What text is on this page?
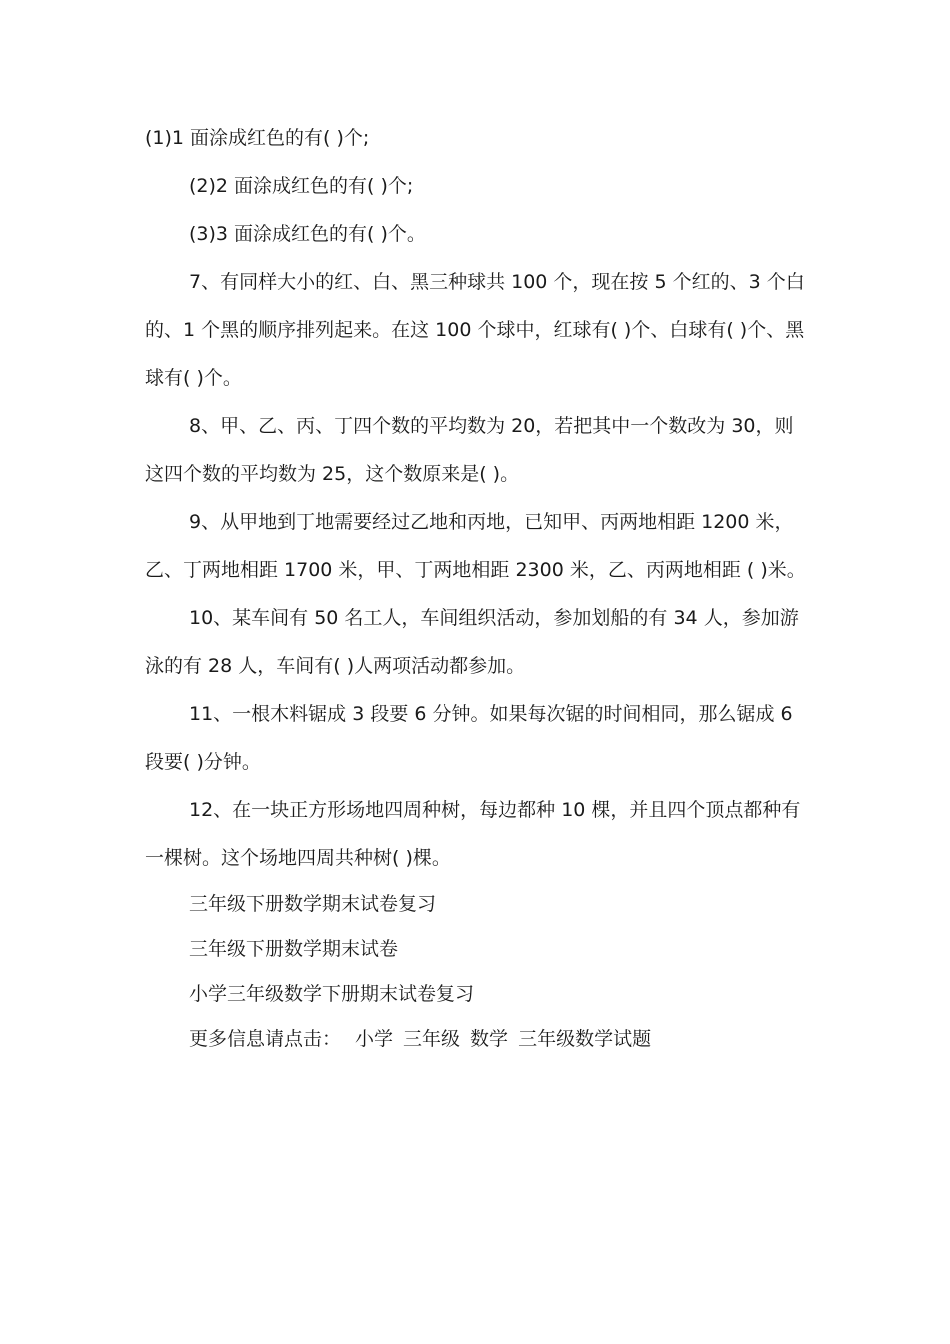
(1)1 面涂成红色的有( )个;

(2)2 面涂成红色的有( )个;

(3)3 面涂成红色的有( )个。

7、有同样大小的红、白、黑三种球共 100 个，现在按 5 个红的、3 个白的、1 个黑的顺序排列起来。在这 100 个球中，红球有( )个、白球有( )个、黑球有( )个。

8、甲、乙、丙、丁四个数的平均数为 20，若把其中一个数改为 30，则这四个数的平均数为 25，这个数原来是( )。

9、从甲地到丁地需要经过乙地和丙地，已知甲、丙两地相距 1200 米，乙、丁两地相距 1700 米，甲、丁两地相距 2300 米，乙、丙两地相距 ( )米。

10、某车间有 50 名工人，车间组织活动，参加划船的有 34 人，参加游泳的有 28 人，车间有( )人两项活动都参加。

11、一根木料锯成 3 段要 6 分钟。如果每次锯的时间相同，那么锯成 6 段要( )分钟。

12、在一块正方形场地四周种树，每边都种 10 棵，并且四个顶点都种有一棵树。这个场地四周共种树( )棵。

三年级下册数学期末试卷复习

三年级下册数学期末试卷

小学三年级数学下册期末试卷复习

更多信息请点击： 小学 三年级 数学 三年级数学试题
